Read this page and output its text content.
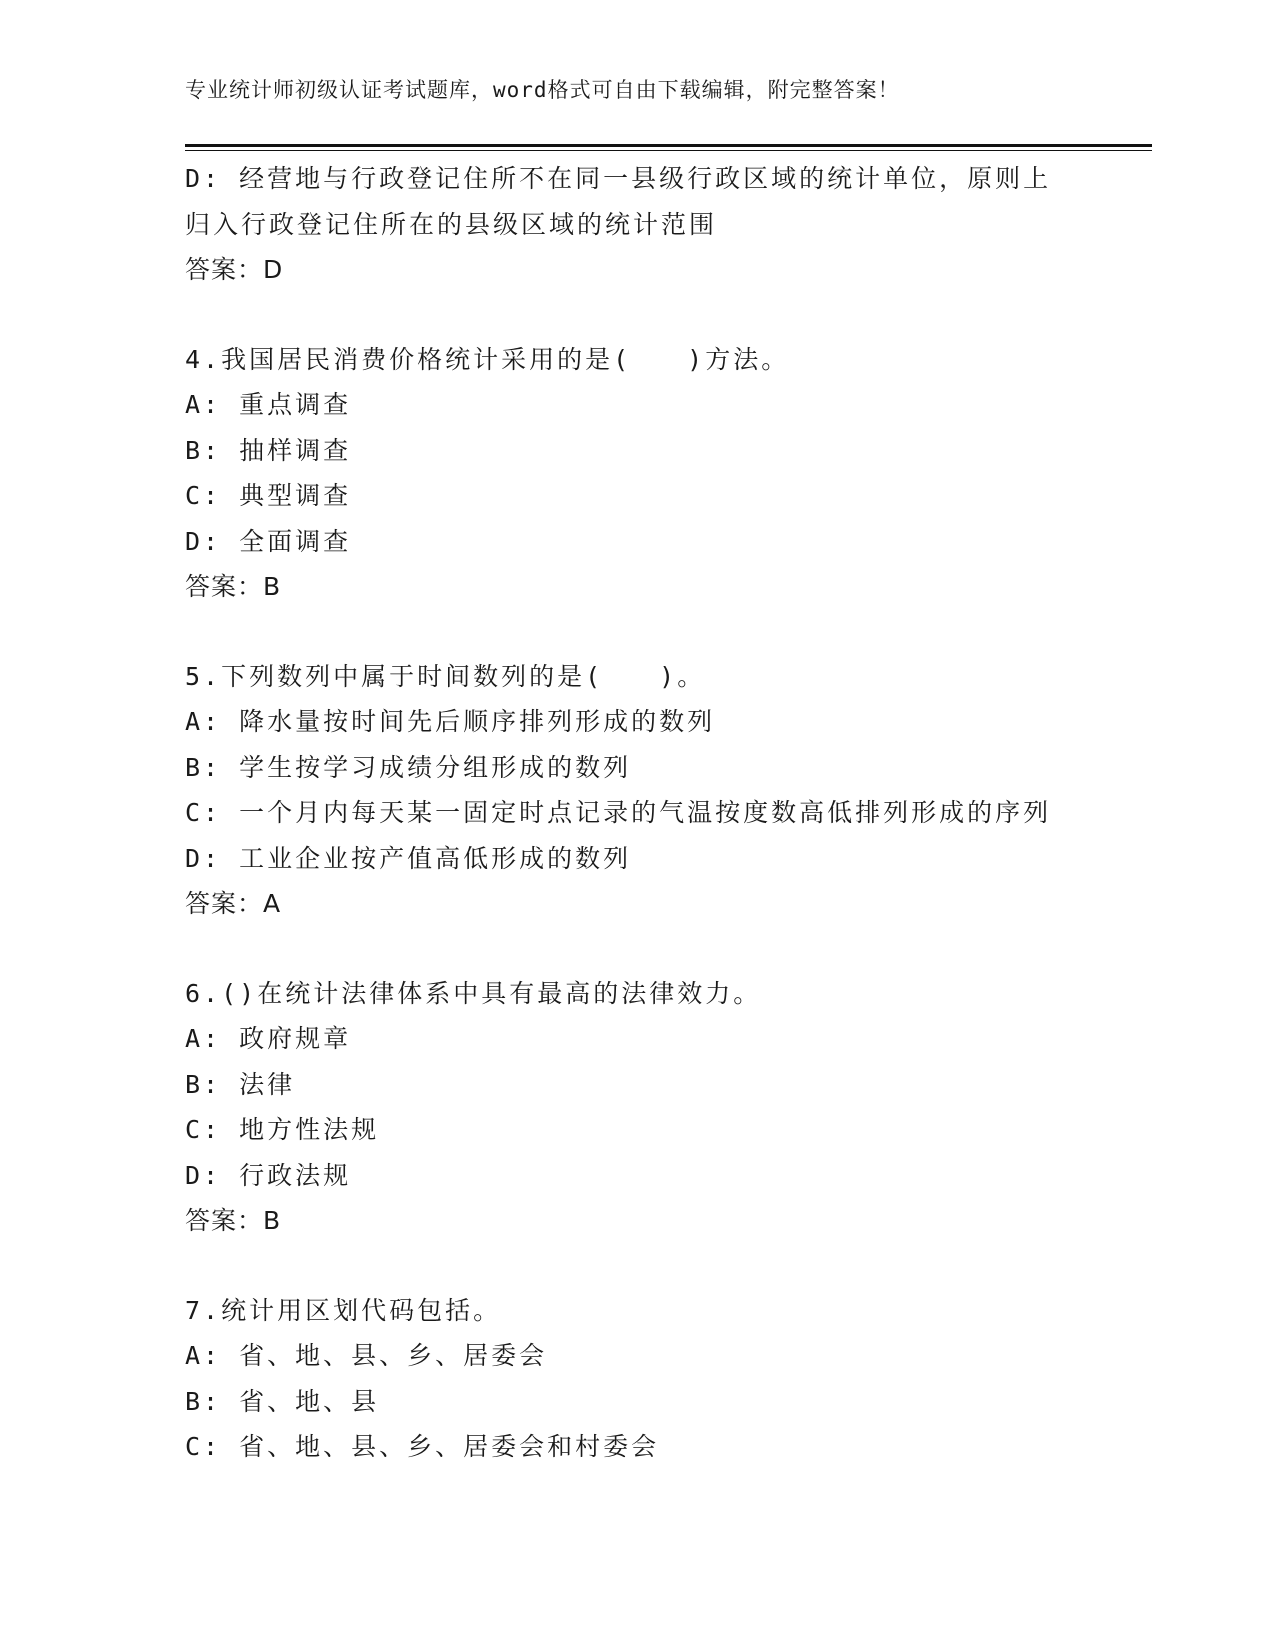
专业统计师初级认证考试题库，word格式可自由下载编辑，附完整答案！
D: 经营地与行政登记住所不在同一县级行政区域的统计单位，原则上
归入行政登记住所在的县级区域的统计范围
答案：D
4.我国居民消费价格统计采用的是(　　)方法。
A: 重点调查
B: 抽样调查
C: 典型调查
D: 全面调查
答案：B
5.下列数列中属于时间数列的是(　　)。
A: 降水量按时间先后顺序排列形成的数列
B: 学生按学习成绩分组形成的数列
C: 一个月内每天某一固定时点记录的气温按度数高低排列形成的序列
D: 工业企业按产值高低形成的数列
答案：A
6.()在统计法律体系中具有最高的法律效力。
A: 政府规章
B: 法律
C: 地方性法规
D: 行政法规
答案：B
7.统计用区划代码包括。
A: 省、地、县、乡、居委会
B: 省、地、县
C: 省、地、县、乡、居委会和村委会
